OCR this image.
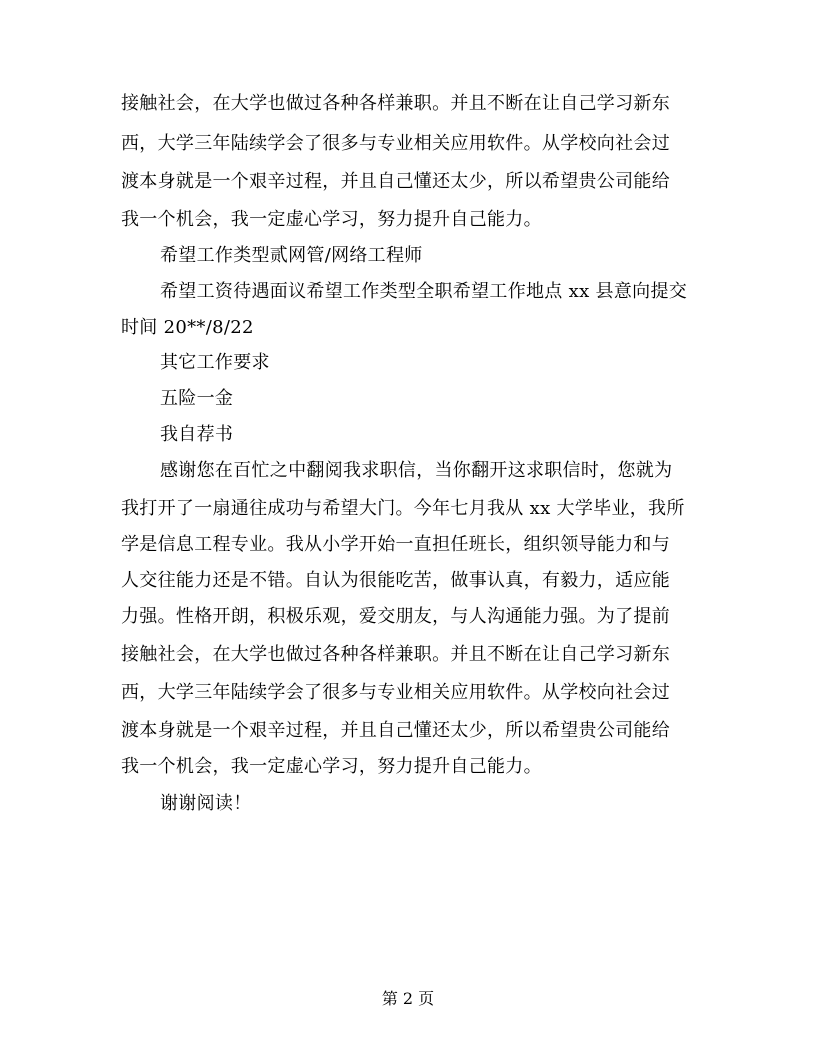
接触社会，在大学也做过各种各样兼职。并且不断在让自己学习新东
西，大学三年陆续学会了很多与专业相关应用软件。从学校向社会过
渡本身就是一个艰辛过程，并且自己懂还太少，所以希望贵公司能给
我一个机会，我一定虚心学习，努力提升自己能力。
希望工作类型贰网管/网络工程师
希望工资待遇面议希望工作类型全职希望工作地点 xx 县意向提交
时间 20**/8/22
其它工作要求
五险一金
我自荐书
感谢您在百忙之中翻阅我求职信，当你翻开这求职信时，您就为
我打开了一扇通往成功与希望大门。今年七月我从 xx 大学毕业，我所
学是信息工程专业。我从小学开始一直担任班长，组织领导能力和与
人交往能力还是不错。自认为很能吃苦，做事认真，有毅力，适应能
力强。性格开朗，积极乐观，爱交朋友，与人沟通能力强。为了提前
接触社会，在大学也做过各种各样兼职。并且不断在让自己学习新东
西，大学三年陆续学会了很多与专业相关应用软件。从学校向社会过
渡本身就是一个艰辛过程，并且自己懂还太少，所以希望贵公司能给
我一个机会，我一定虚心学习，努力提升自己能力。
谢谢阅读！
第 2 页
